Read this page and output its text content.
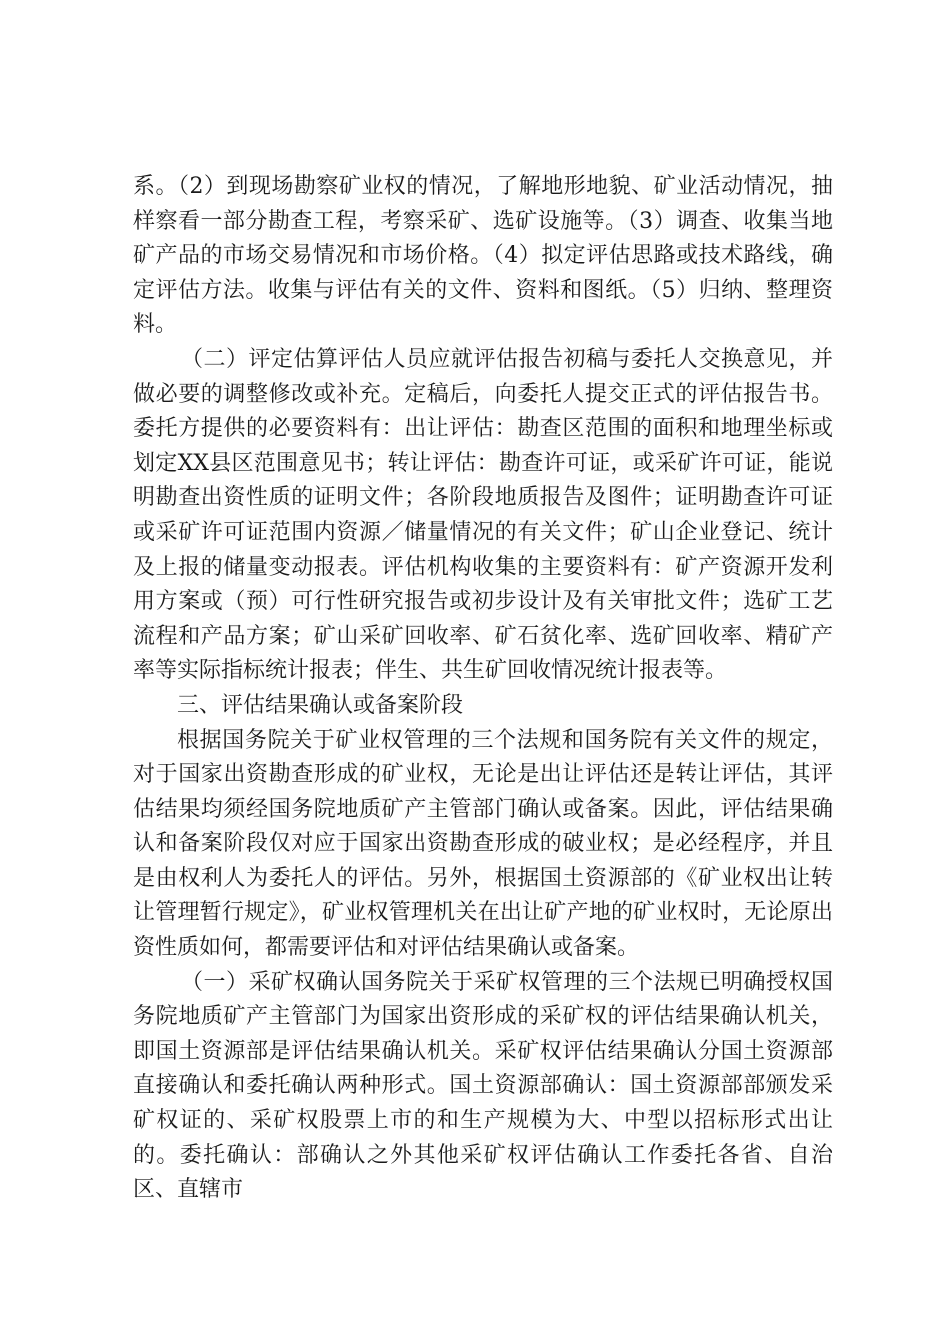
系。（2）到现场勘察矿业权的情况，了解地形地貌、矿业活动情况，抽样察看一部分勘查工程，考察采矿、选矿设施等。（3）调查、收集当地矿产品的市场交易情况和市场价格。（4）拟定评估思路或技术路线，确定评估方法。收集与评估有关的文件、资料和图纸。（5）归纳、整理资料。

（二）评定估算评估人员应就评估报告初稿与委托人交换意见，并做必要的调整修改或补充。定稿后，向委托人提交正式的评估报告书。委托方提供的必要资料有：出让评估：勘查区范围的面积和地理坐标或划定XX县区范围意见书；转让评估：勘查许可证，或采矿许可证，能说明勘查出资性质的证明文件；各阶段地质报告及图件；证明勘查许可证或采矿许可证范围内资源／储量情况的有关文件；矿山企业登记、统计及上报的储量变动报表。评估机构收集的主要资料有：矿产资源开发利用方案或（预）可行性研究报告或初步设计及有关审批文件；选矿工艺流程和产品方案；矿山采矿回收率、矿石贫化率、选矿回收率、精矿产率等实际指标统计报表；伴生、共生矿回收情况统计报表等。

三、评估结果确认或备案阶段

根据国务院关于矿业权管理的三个法规和国务院有关文件的规定，对于国家出资勘查形成的矿业权，无论是出让评估还是转让评估，其评估结果均须经国务院地质矿产主管部门确认或备案。因此，评估结果确认和备案阶段仅对应于国家出资勘查形成的破业权；是必经程序，并且是由权利人为委托人的评估。另外，根据国土资源部的《矿业权出让转让管理暂行规定》，矿业权管理机关在出让矿产地的矿业权时，无论原出资性质如何，都需要评估和对评估结果确认或备案。

（一）采矿权确认国务院关于采矿权管理的三个法规已明确授权国务院地质矿产主管部门为国家出资形成的采矿权的评估结果确认机关，即国土资源部是评估结果确认机关。采矿权评估结果确认分国土资源部直接确认和委托确认两种形式。国土资源部确认：国土资源部部颁发采矿权证的、采矿权股票上市的和生产规模为大、中型以招标形式出让的。委托确认：部确认之外其他采矿权评估确认工作委托各省、自治区、直辖市
